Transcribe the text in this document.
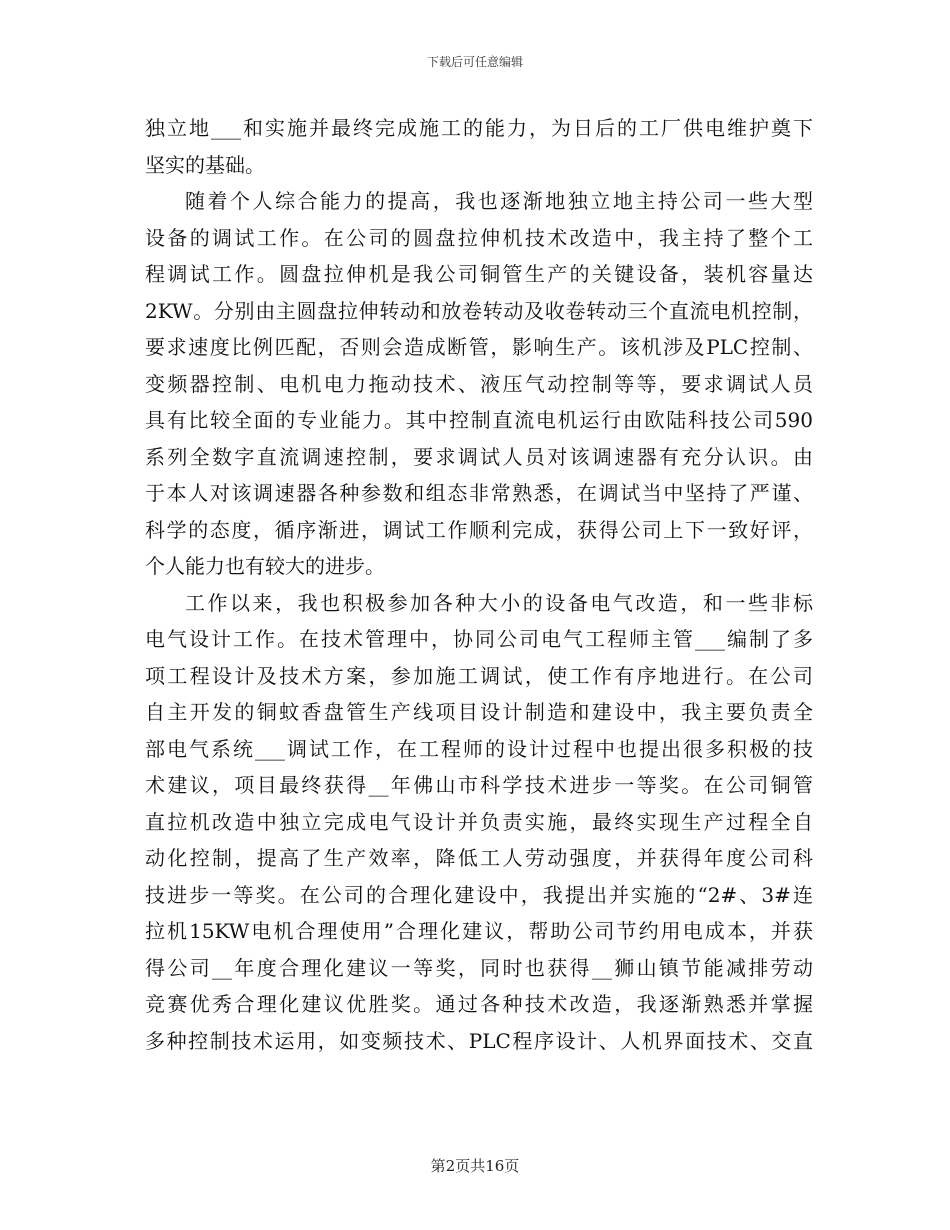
下载后可任意编辑
独立地___和实施并最终完成施工的能力，为日后的工厂供电维护奠下
坚实的基础。
随着个人综合能力的提高，我也逐渐地独立地主持公司一些大型
设备的调试工作。在公司的圆盘拉伸机技术改造中，我主持了整个工
程调试工作。圆盘拉伸机是我公司铜管生产的关键设备，装机容量达
2KW。分别由主圆盘拉伸转动和放卷转动及收卷转动三个直流电机控制，
要求速度比例匹配，否则会造成断管，影响生产。该机涉及PLC控制、
变频器控制、电机电力拖动技术、液压气动控制等等，要求调试人员
具有比较全面的专业能力。其中控制直流电机运行由欧陆科技公司590
系列全数字直流调速控制，要求调试人员对该调速器有充分认识。由
于本人对该调速器各种参数和组态非常熟悉，在调试当中坚持了严谨、
科学的态度，循序渐进，调试工作顺利完成，获得公司上下一致好评，
个人能力也有较大的进步。
工作以来，我也积极参加各种大小的设备电气改造，和一些非标
电气设计工作。在技术管理中，协同公司电气工程师主管___编制了多
项工程设计及技术方案，参加施工调试，使工作有序地进行。在公司
自主开发的铜蚊香盘管生产线项目设计制造和建设中，我主要负责全
部电气系统___调试工作，在工程师的设计过程中也提出很多积极的技
术建议，项目最终获得__年佛山市科学技术进步一等奖。在公司铜管
直拉机改造中独立完成电气设计并负责实施，最终实现生产过程全自
动化控制，提高了生产效率，降低工人劳动强度，并获得年度公司科
技进步一等奖。在公司的合理化建设中，我提出并实施的“2#、3#连
拉机15KW电机合理使用”合理化建议，帮助公司节约用电成本，并获
得公司__年度合理化建议一等奖，同时也获得__狮山镇节能减排劳动
竞赛优秀合理化建议优胜奖。通过各种技术改造，我逐渐熟悉并掌握
多种控制技术运用，如变频技术、PLC程序设计、人机界面技术、交直
第2页共16页
